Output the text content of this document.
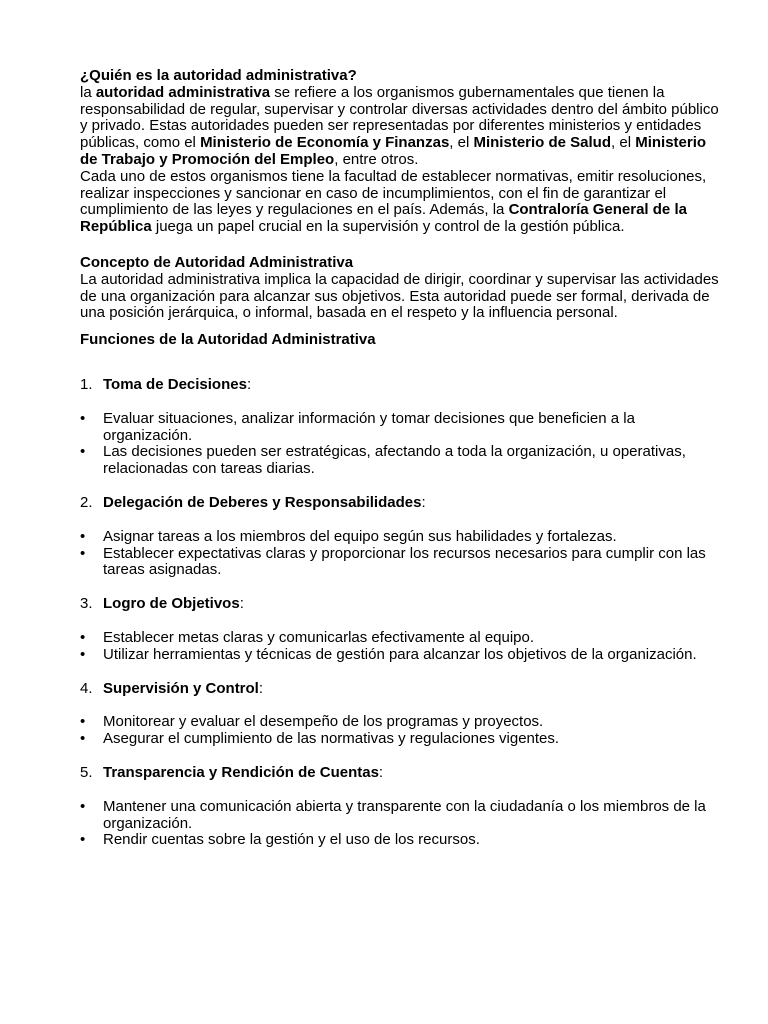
¿Quién es la autoridad administrativa?

la autoridad administrativa se refiere a los organismos gubernamentales que tienen la responsabilidad de regular, supervisar y controlar diversas actividades dentro del ámbito público y privado. Estas autoridades pueden ser representadas por diferentes ministerios y entidades públicas, como el Ministerio de Economía y Finanzas, el Ministerio de Salud, el Ministerio de Trabajo y Promoción del Empleo, entre otros.

Cada uno de estos organismos tiene la facultad de establecer normativas, emitir resoluciones, realizar inspecciones y sancionar en caso de incumplimientos, con el fin de garantizar el cumplimiento de las leyes y regulaciones en el país. Además, la Contraloría General de la República juega un papel crucial en la supervisión y control de la gestión pública.

Concepto de Autoridad Administrativa

La autoridad administrativa implica la capacidad de dirigir, coordinar y supervisar las actividades de una organización para alcanzar sus objetivos. Esta autoridad puede ser formal, derivada de una posición jerárquica, o informal, basada en el respeto y la influencia personal.

Funciones de la Autoridad Administrativa

1. Toma de Decisiones:

• Evaluar situaciones, analizar información y tomar decisiones que beneficien a la organización.
• Las decisiones pueden ser estratégicas, afectando a toda la organización, u operativas, relacionadas con tareas diarias.

2. Delegación de Deberes y Responsabilidades:

• Asignar tareas a los miembros del equipo según sus habilidades y fortalezas.
• Establecer expectativas claras y proporcionar los recursos necesarios para cumplir con las tareas asignadas.

3. Logro de Objetivos:

• Establecer metas claras y comunicarlas efectivamente al equipo.
• Utilizar herramientas y técnicas de gestión para alcanzar los objetivos de la organización.

4. Supervisión y Control:

• Monitorear y evaluar el desempeño de los programas y proyectos.
• Asegurar el cumplimiento de las normativas y regulaciones vigentes.

5. Transparencia y Rendición de Cuentas:

• Mantener una comunicación abierta y transparente con la ciudadanía o los miembros de la organización.
• Rendir cuentas sobre la gestión y el uso de los recursos.
